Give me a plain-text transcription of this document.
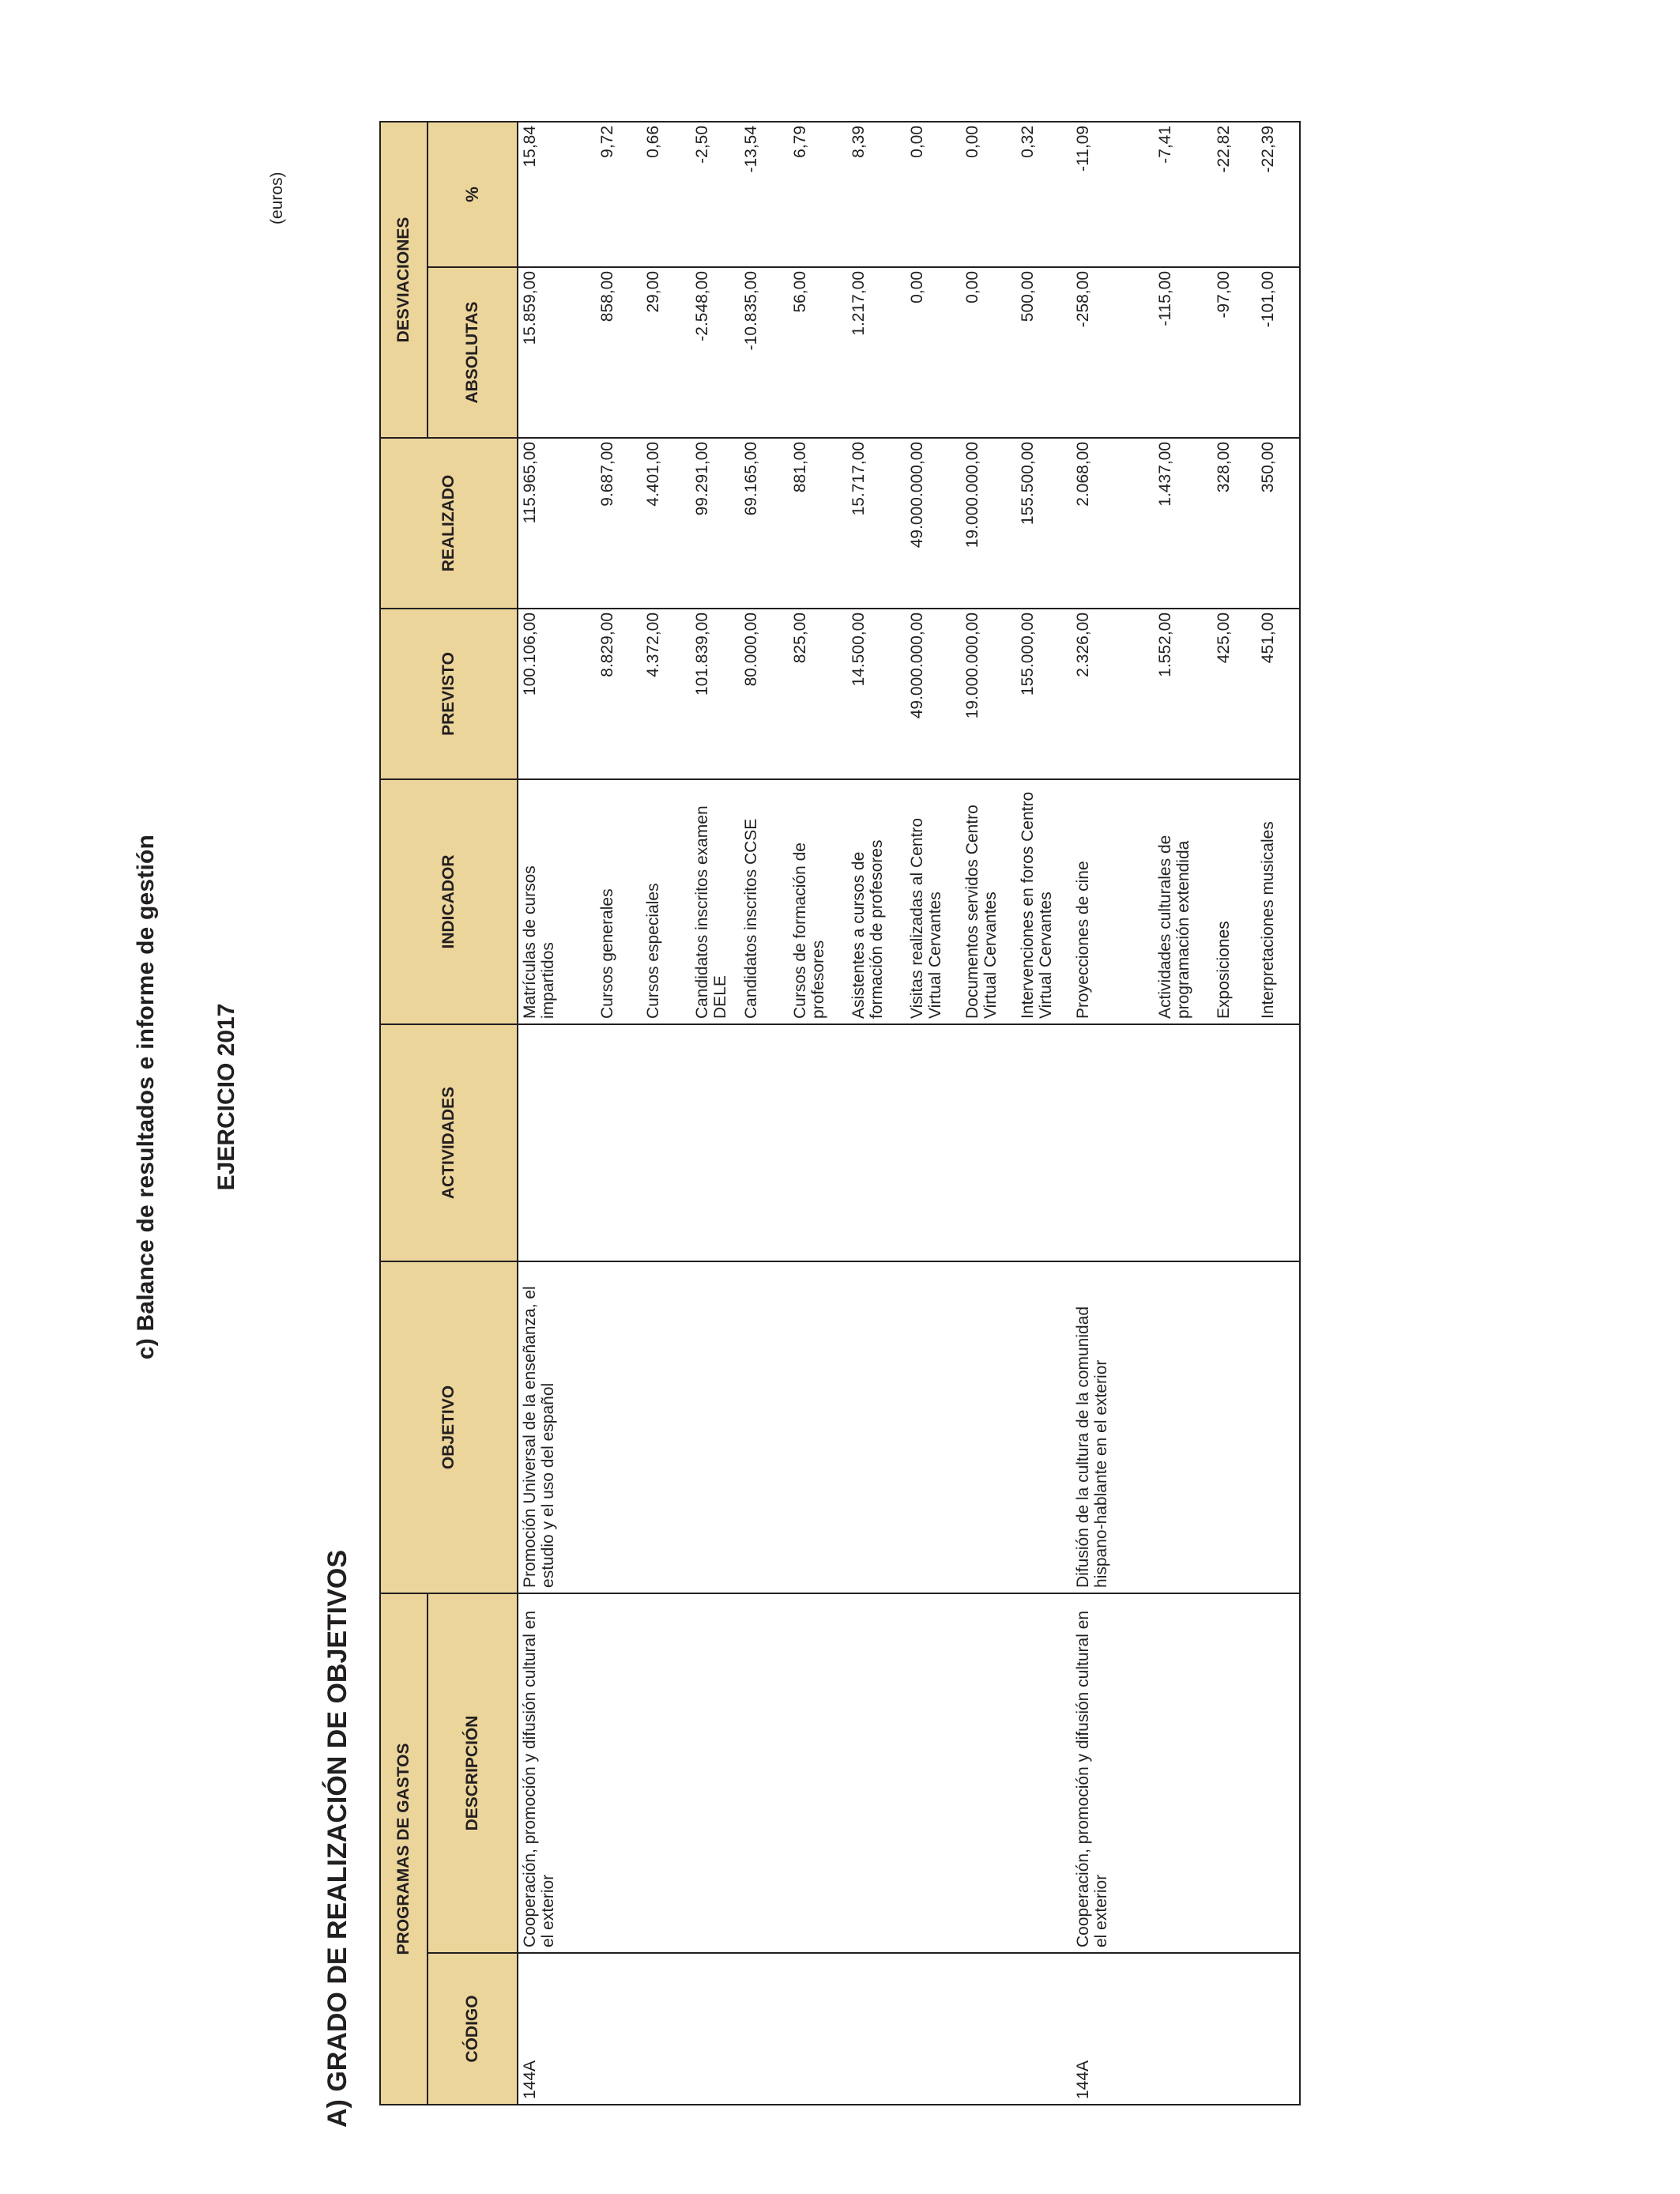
c) Balance de resultados e informe de gestión EJERCICIO 2017
(euros)
A) GRADO DE REALIZACIÓN DE OBJETIVOS	PROGRAMAS DE GASTOS		OBJETIVO	ACTIVIDADES	INDICADOR	PREVISTO	REALIZADO	DESVIACIONES	
CÓDIGO	DESCRIPCIÓN						ABSOLUTAS	%
144A	Cooperación, promoción y difusión cultural en el exterior	Promoción Universal de la enseñanza, el estudio y el uso del español		Matrículas de cursos impartidos	100.106,00	115.965,00	15.859,00	15,84
				Cursos generales	8.829,00	9.687,00	858,00	9,72
				Cursos especiales	4.372,00	4.401,00	29,00	0,66
				Candidatos inscritos examen DELE	101.839,00	99.291,00	-2.548,00	-2,50
				Candidatos inscritos CCSE	80.000,00	69.165,00	-10.835,00	-13,54
				Cursos de formación de profesores	825,00	881,00	56,00	6,79
				Asistentes a cursos de formación de profesores	14.500,00	15.717,00	1.217,00	8,39
				Visitas realizadas al Centro Virtual Cervantes	49.000.000,00	49.000.000,00	0,00	0,00
				Documentos servidos Centro Virtual Cervantes	19.000.000,00	19.000.000,00	0,00	0,00
				Intervenciones en foros Centro Virtual Cervantes	155.000,00	155.500,00	500,00	0,32
144A	Cooperación, promoción y difusión cultural en el exterior	Difusión de la cultura de la comunidad hispano-hablante en el exterior		Proyecciones de cine	2.326,00	2.068,00	-258,00	-11,09
				Actividades culturales de programación extendida	1.552,00	1.437,00	-115,00	-7,41
				Exposiciones	425,00	328,00	-97,00	-22,82
				Interpretaciones musicales	451,00	350,00	-101,00	-22,39
